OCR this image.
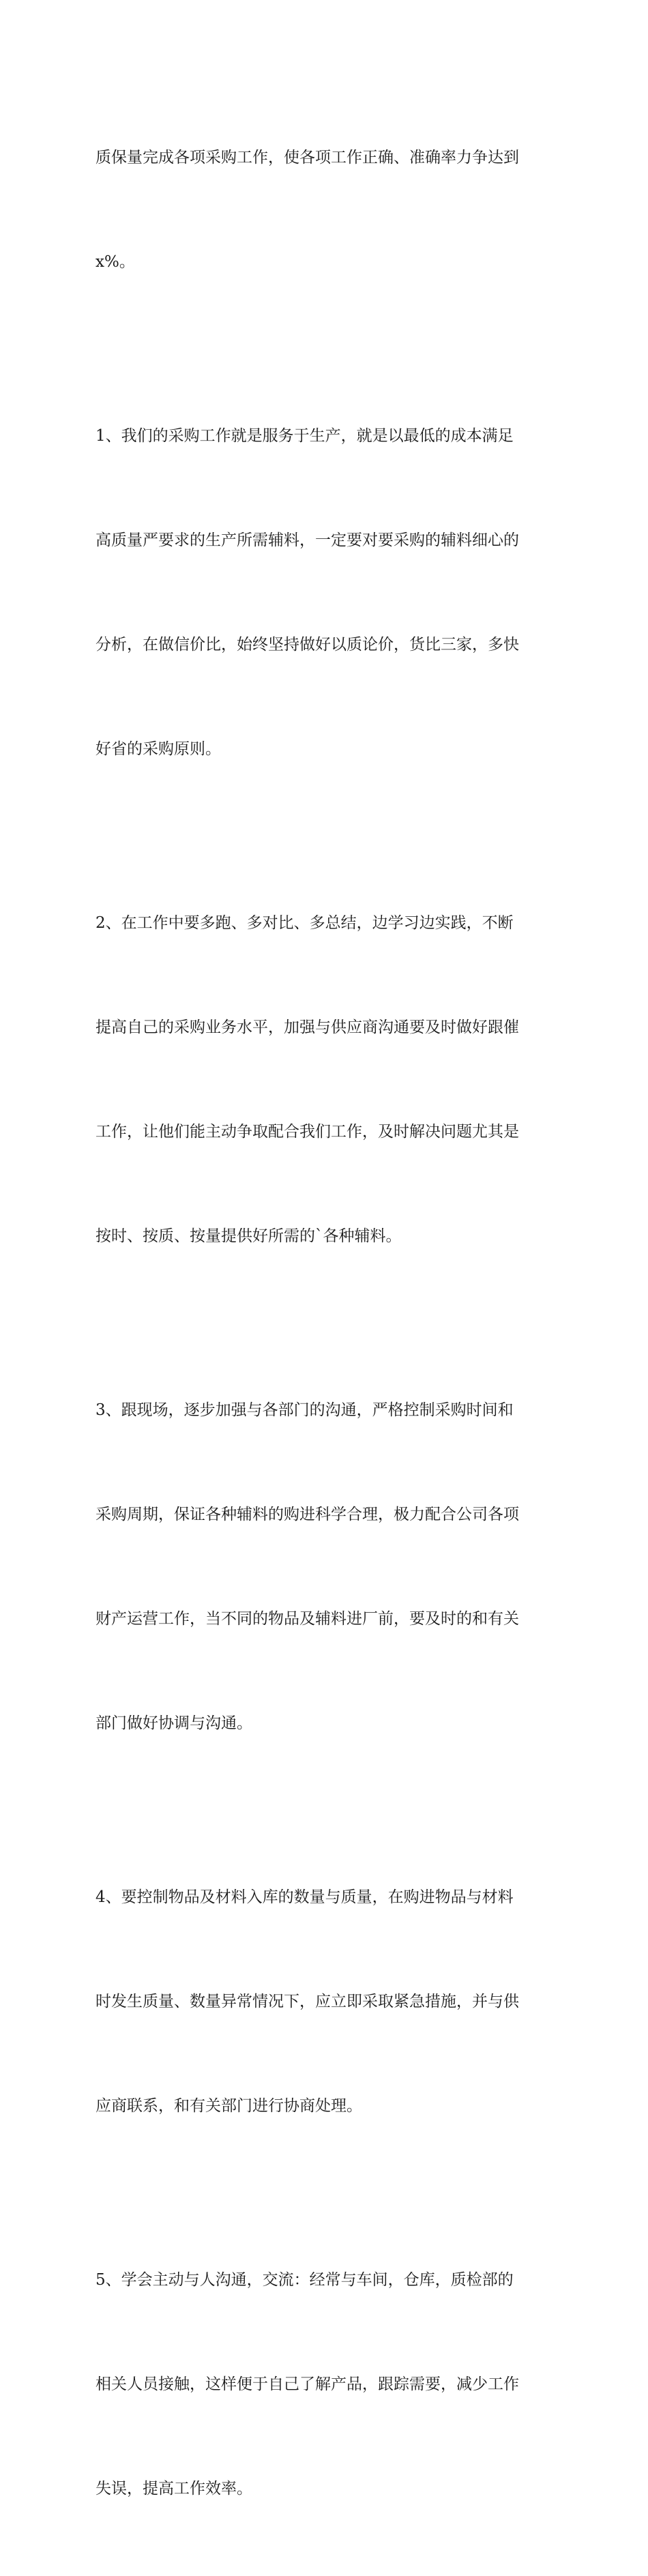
质保量完成各项采购工作，使各项工作正确、准确率力争达到

x%。

1、我们的采购工作就是服务于生产，就是以最低的成本满足

高质量严要求的生产所需辅料，一定要对要采购的辅料细心的

分析，在做信价比，始终坚持做好以质论价，货比三家，多快

好省的采购原则。

2、在工作中要多跑、多对比、多总结，边学习边实践，不断

提高自己的采购业务水平，加强与供应商沟通要及时做好跟催

工作，让他们能主动争取配合我们工作，及时解决问题尤其是

按时、按质、按量提供好所需的`各种辅料。

3、跟现场，逐步加强与各部门的沟通，严格控制采购时间和

采购周期，保证各种辅料的购进科学合理，极力配合公司各项

财产运营工作，当不同的物品及辅料进厂前，要及时的和有关

部门做好协调与沟通。

4、要控制物品及材料入库的数量与质量，在购进物品与材料

时发生质量、数量异常情况下，应立即采取紧急措施，并与供

应商联系，和有关部门进行协商处理。

5、学会主动与人沟通，交流：经常与车间，仓库，质检部的

相关人员接触，这样便于自己了解产品，跟踪需要，减少工作

失误，提高工作效率。
